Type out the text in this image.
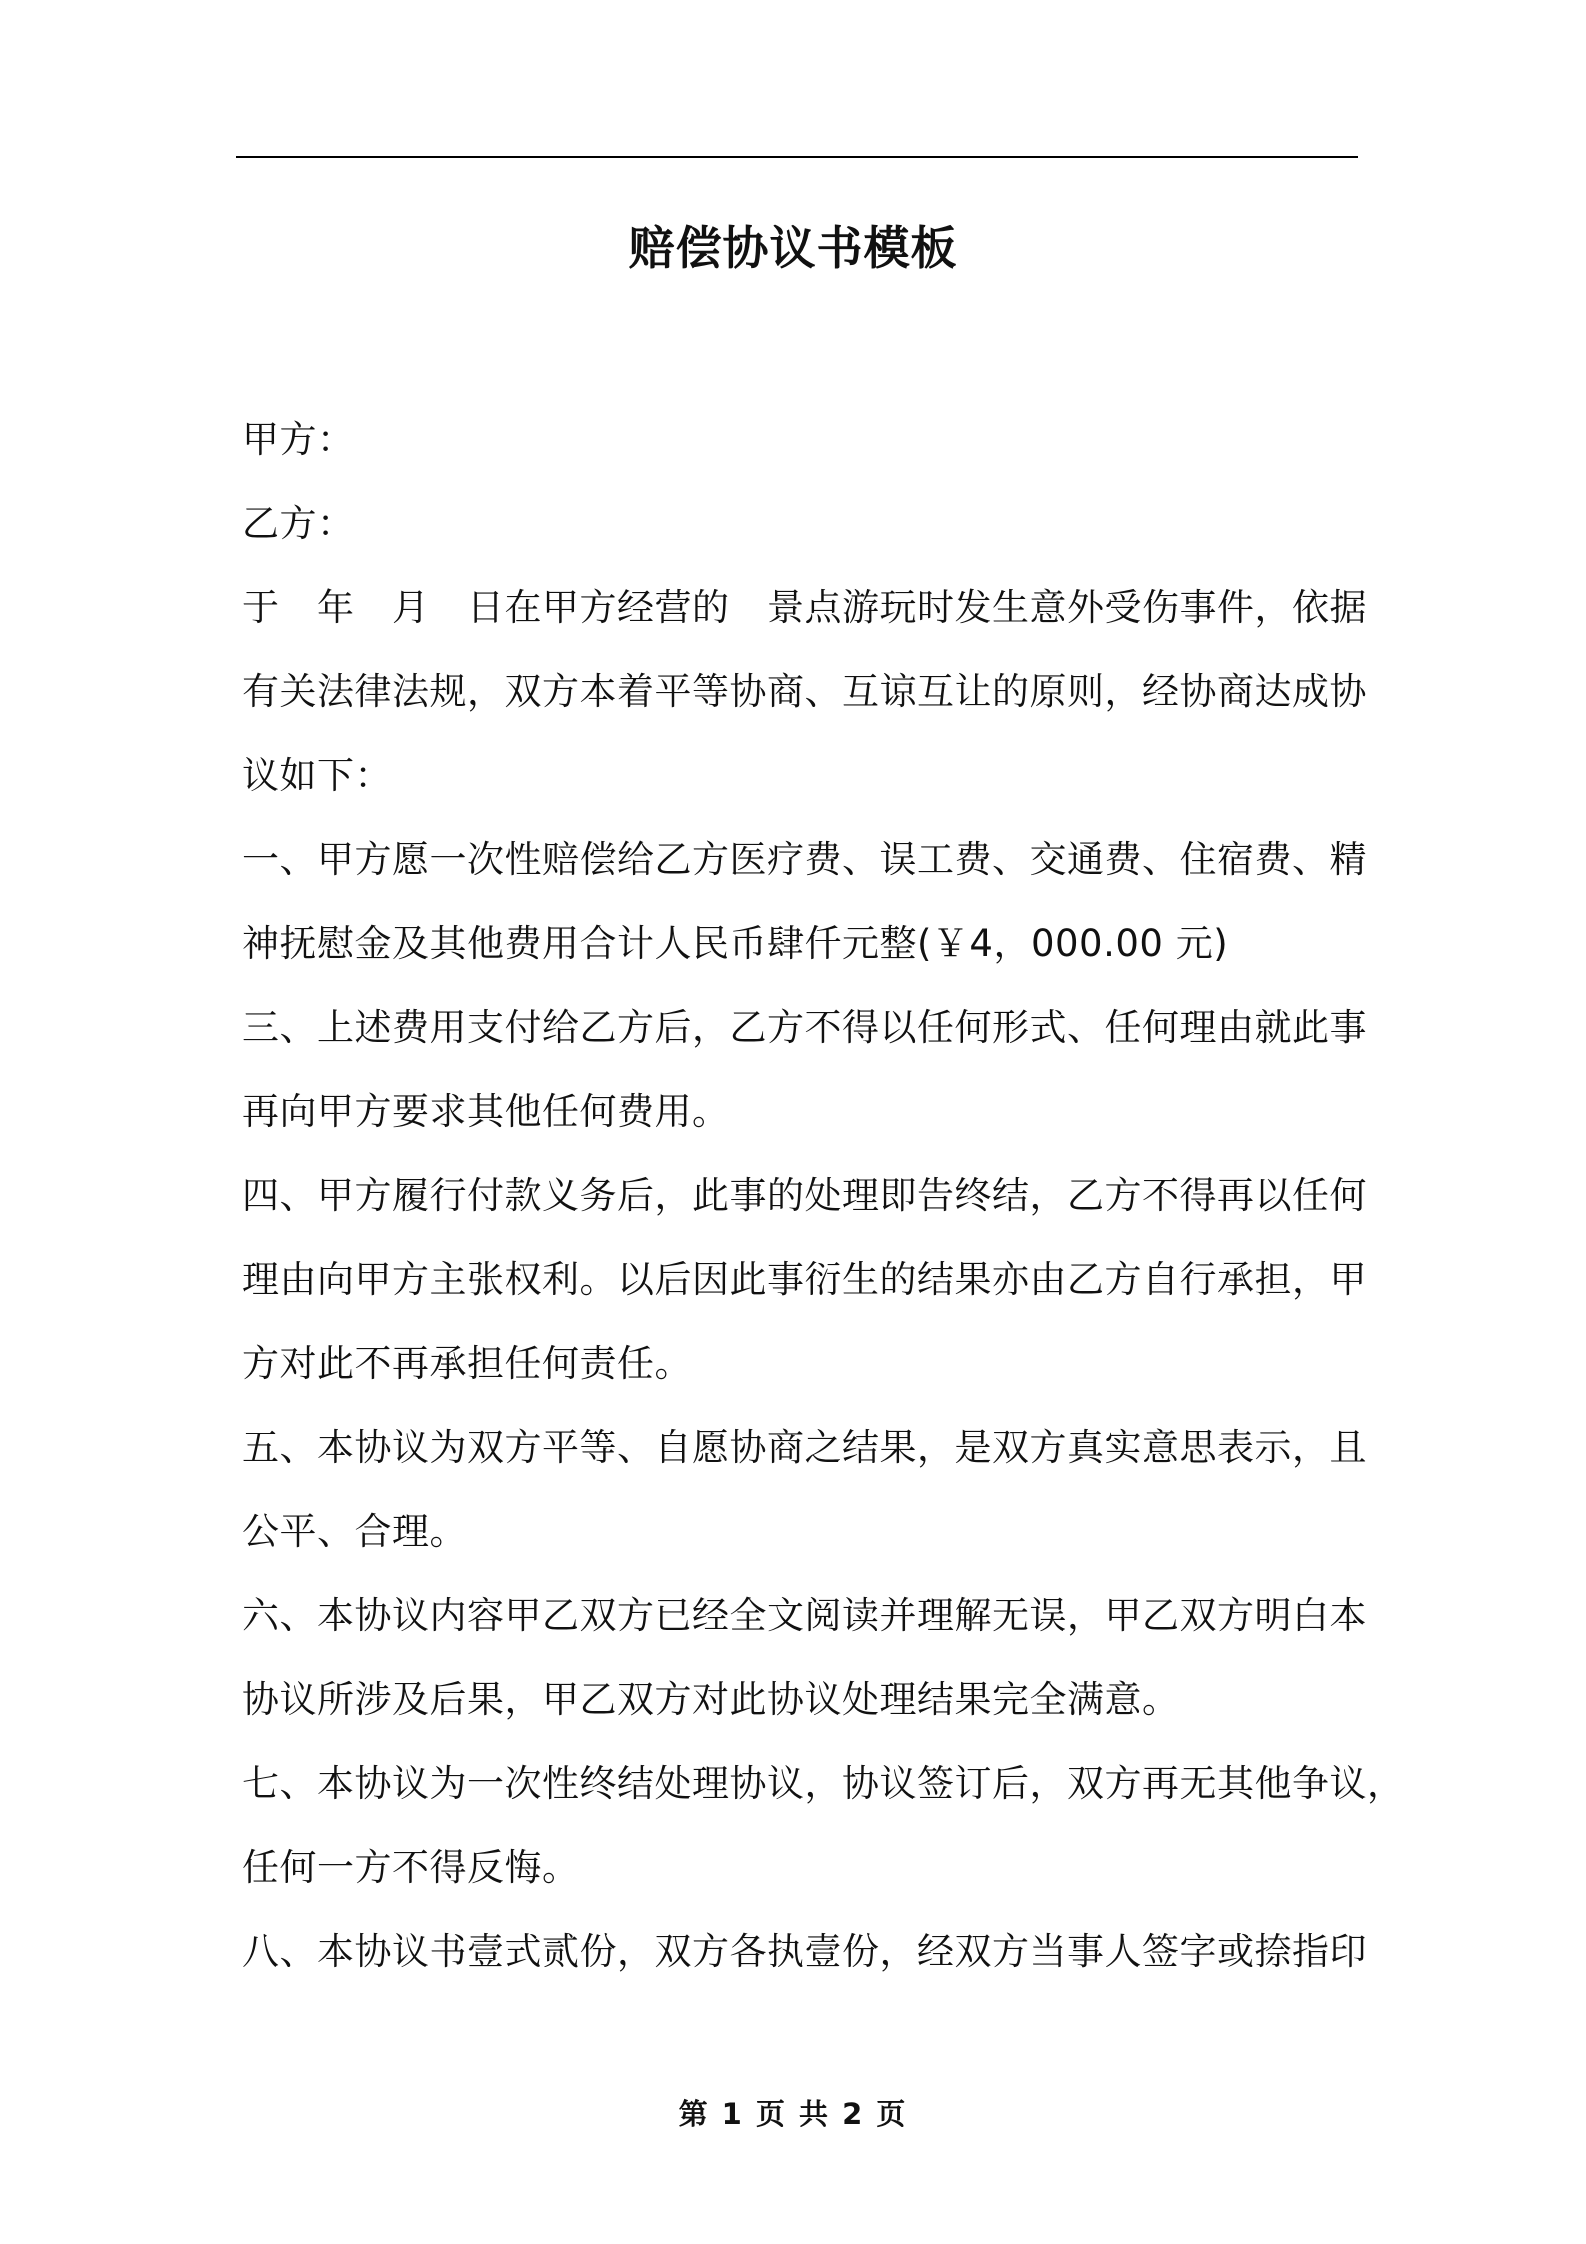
赔偿协议书模板
甲方：
乙方：
于　年　月　日在甲方经营的　景点游玩时发生意外受伤事件，依据
有关法律法规，双方本着平等协商、互谅互让的原则，经协商达成协
议如下：
一、甲方愿一次性赔偿给乙方医疗费、误工费、交通费、住宿费、精
神抚慰金及其他费用合计人民币肆仟元整(￥4，000.00 元)
三、上述费用支付给乙方后，乙方不得以任何形式、任何理由就此事
再向甲方要求其他任何费用。
四、甲方履行付款义务后，此事的处理即告终结，乙方不得再以任何
理由向甲方主张权利。以后因此事衍生的结果亦由乙方自行承担，甲
方对此不再承担任何责任。
五、本协议为双方平等、自愿协商之结果，是双方真实意思表示，且
公平、合理。
六、本协议内容甲乙双方已经全文阅读并理解无误，甲乙双方明白本
协议所涉及后果，甲乙双方对此协议处理结果完全满意。
七、本协议为一次性终结处理协议，协议签订后，双方再无其他争议，
任何一方不得反悔。
八、本协议书壹式贰份，双方各执壹份，经双方当事人签字或捺指印
第 1 页 共 2 页
